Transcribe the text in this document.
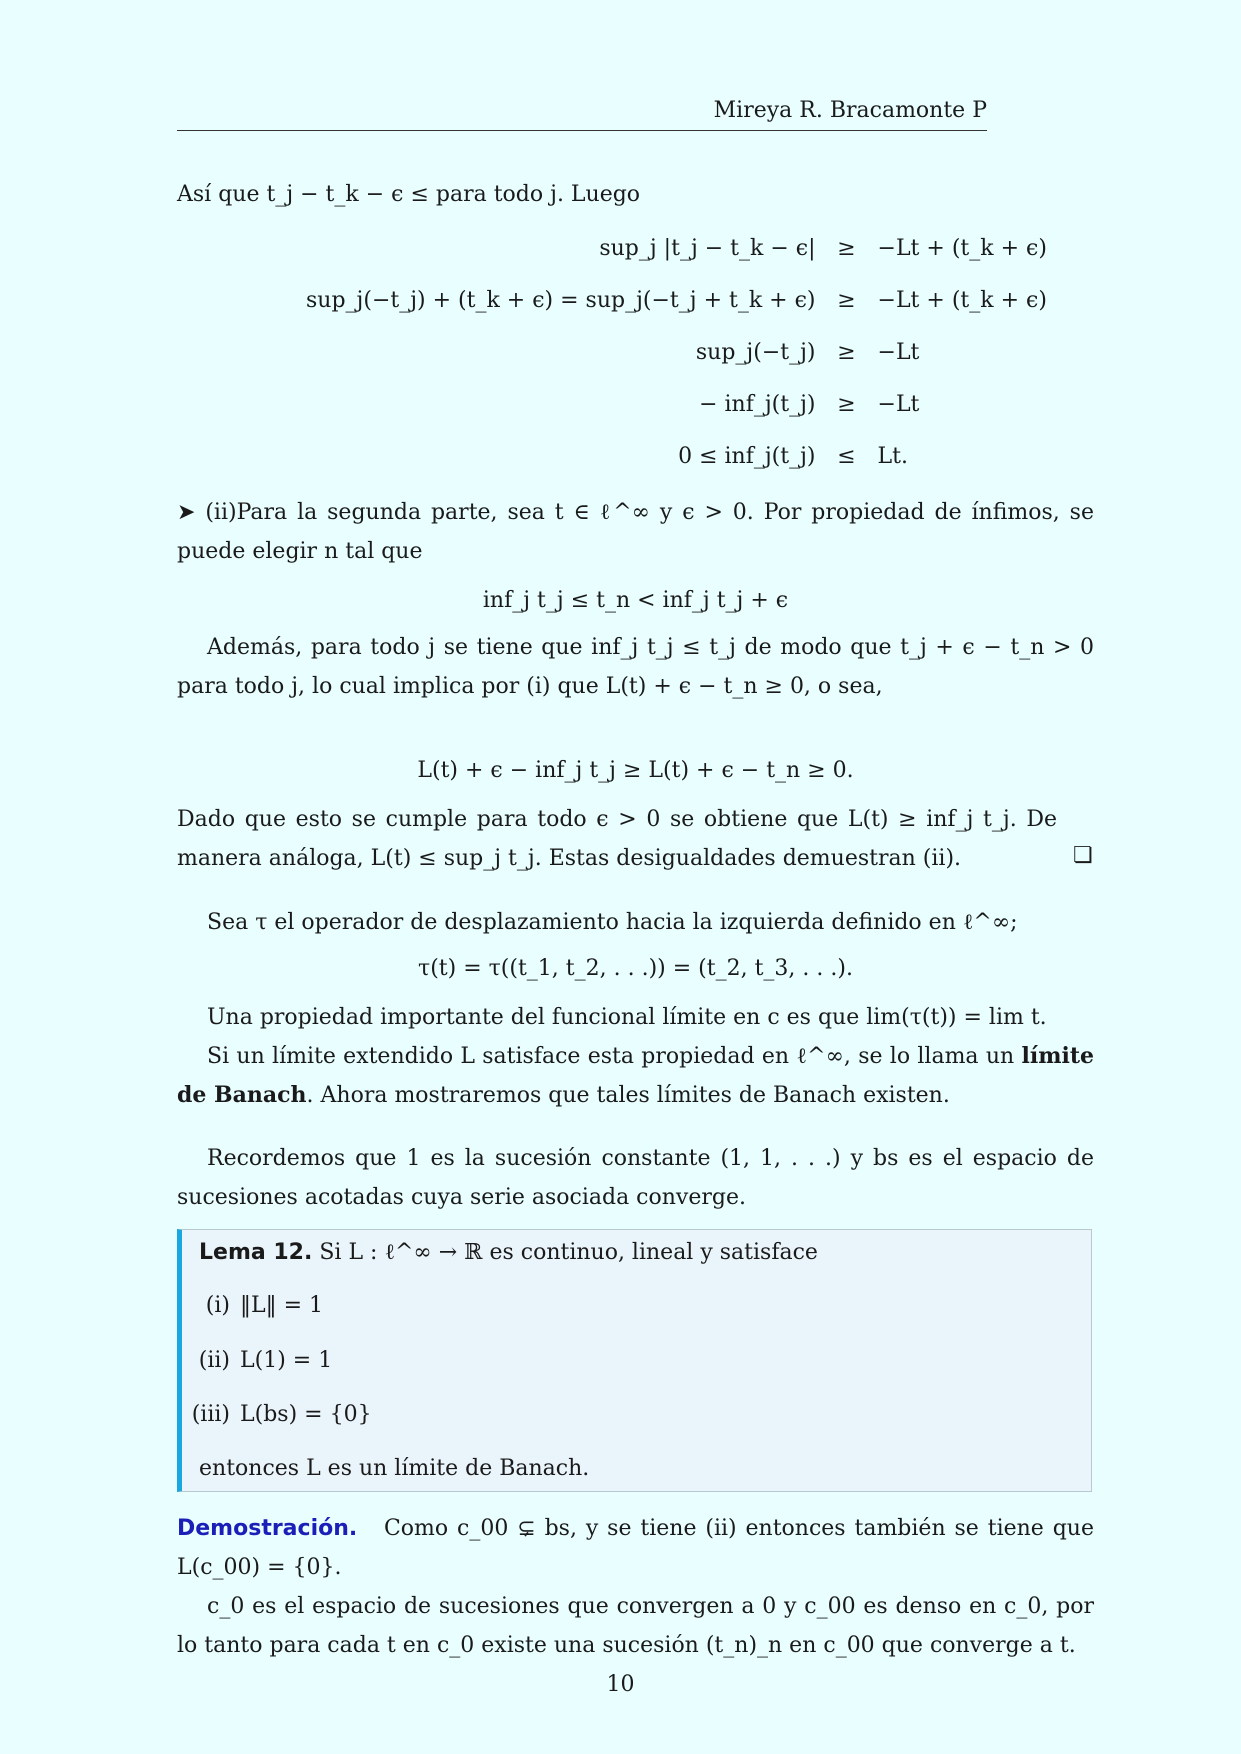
Mireya R. Bracamonte P
Así que t_j − t_k − ϵ ≤ para todo j. Luego
sup_j |t_j − t_k − ϵ|	≥	−Lt + (t_k + ϵ)
sup_j(−t_j) + (t_k + ϵ) = sup_j(−t_j + t_k + ϵ)	≥	−Lt + (t_k + ϵ)
sup_j(−t_j)	≥	−Lt
− inf_j(t_j)	≥	−Lt
0 ≤ inf_j(t_j)	≤	Lt.
➤ (ii)Para la segunda parte, sea t ∈ ℓ^∞ y ϵ > 0. Por propiedad de ínfimos, se puede elegir n tal que
inf_j t_j ≤ t_n < inf_j t_j + ϵ
Además, para todo j se tiene que inf_j t_j ≤ t_j de modo que t_j + ϵ − t_n > 0 para todo j, lo cual implica por (i) que L(t) + ϵ − t_n ≥ 0, o sea,
L(t) + ϵ − inf_j t_j ≥ L(t) + ϵ − t_n ≥ 0.
Dado que esto se cumple para todo ϵ > 0 se obtiene que L(t) ≥ inf_j t_j. De manera análoga, L(t) ≤ sup_j t_j. Estas desigualdades demuestran (ii).	❏
Sea τ el operador de desplazamiento hacia la izquierda definido en ℓ^∞;
τ(t) = τ((t_1, t_2, . . .)) = (t_2, t_3, . . .).
Una propiedad importante del funcional límite en c es que lim(τ(t)) = lim t.
Si un límite extendido L satisface esta propiedad en ℓ^∞, se lo llama un límite de Banach. Ahora mostraremos que tales límites de Banach existen.
Recordemos que 1 es la sucesión constante (1, 1, . . .) y bs es el espacio de sucesiones acotadas cuya serie asociada converge.
Lema 12. Si L : ℓ^∞ → ℝ es continuo, lineal y satisface
(i) ‖L‖ = 1
(ii) L(1) = 1
(iii) L(bs) = {0}
entonces L es un límite de Banach.
Demostración. Como c_00 ⊊ bs, y se tiene (ii) entonces también se tiene que L(c_00) = {0}.
c_0 es el espacio de sucesiones que convergen a 0 y c_00 es denso en c_0, por lo tanto para cada t en c_0 existe una sucesión (t_n)_n en c_00 que converge a t.
10
